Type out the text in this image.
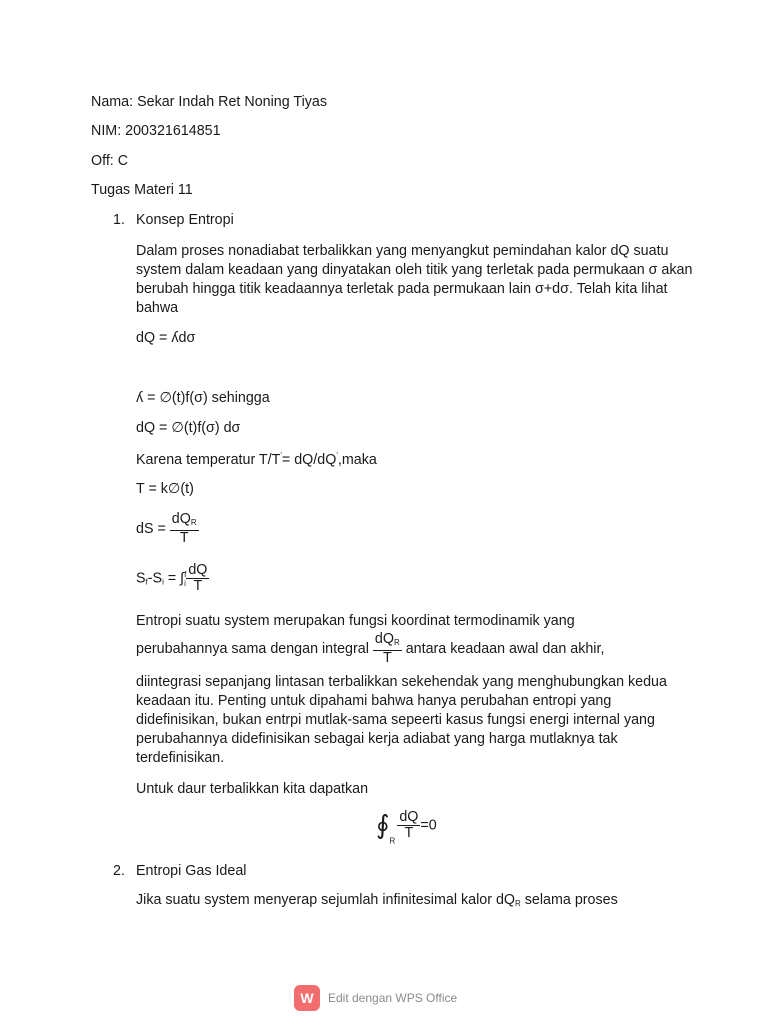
Nama: Sekar Indah Ret Noning Tiyas
NIM: 200321614851
Off: C
Tugas Materi 11
1. Konsep Entropi
Dalam proses nonadiabat terbalikkan yang menyangkut pemindahan kalor dQ suatu system dalam keadaan yang dinyatakan oleh titik yang terletak pada permukaan σ akan berubah hingga titik keadaannya terletak pada permukaan lain σ+dσ. Telah kita lihat bahwa
dQ = ʎdσ
ʎ = ∅(t)f(σ) sehingga
dQ = ∅(t)f(σ) dσ
Karena temperatur T/T'= dQ/dQ',maka
T = k∅(t)
dS = $\frac{dQ_R}{T}$
$S_f-S_i$ = ∫ f
i $\frac{dQ}{T}$
Entropi suatu system merupakan fungsi koordinat termodinamik yang
perubahannya sama dengan integral $\frac{dQ_R}{T}$ antara keadaan awal dan akhir,
diintegrasi sepanjang lintasan terbalikkan sekehendak yang menghubungkan kedua keadaan itu. Penting untuk dipahami bahwa hanya perubahan entropi yang didefinisikan, bukan entrpi mutlak-sama sepeerti kasus fungsi energi internal yang perubahannya didefinisikan sebagai kerja adiabat yang harga mutlaknya tak terdefinisikan.
Untuk daur terbalikkan kita dapatkan
$∮_R \frac{dQ}{T} =0$
2. Entropi Gas Ideal
Jika suatu system menyerap sejumlah infinitesimal kalor $dQ_R$ selama proses
W Edit dengan WPS Office
